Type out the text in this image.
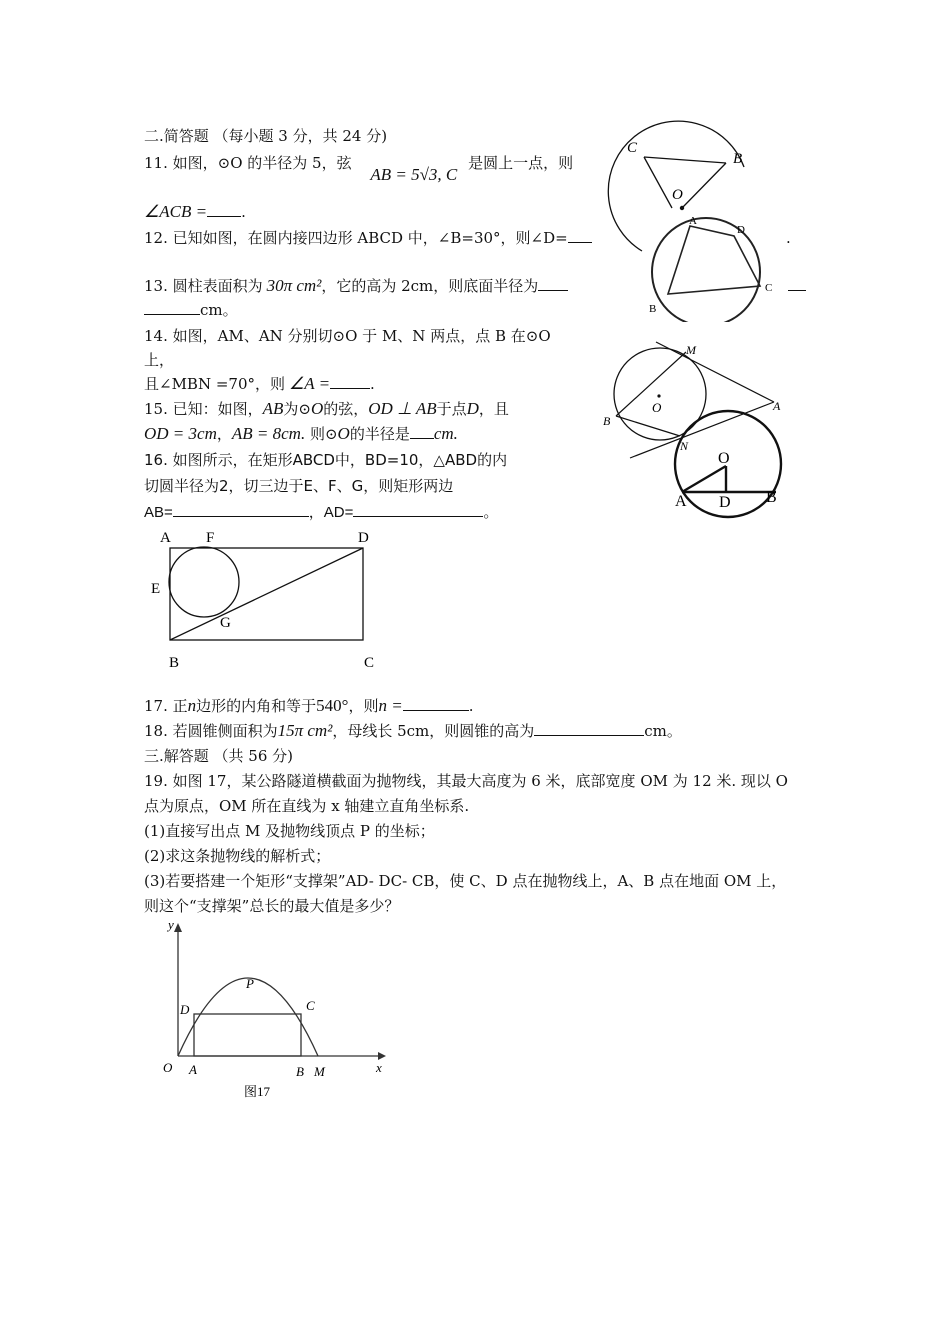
二.简答题 （每小题 3 分，共 24 分)
11. 如图，⊙O 的半径为 5，弦 AB = 5√3, C 是圆上一点，则
∠ACB = .
12. 已知如图，在圆内接四边形 ABCD 中，∠B=30°，则∠D=	.
13. 圆柱表面积为 30π cm²，它的高为 2cm，则底面半径为
cm。
14. 如图，AM、AN 分别切⊙O 于 M、N 两点，点 B 在⊙O
上，
且∠MBN =70°，则 ∠A =	.
15. 已知：如图，AB为⊙O的弦，OD ⊥ AB于点D，且
OD = 3cm，AB = 8cm. 则⊙O的半径是 cm.
16. 如图所示，在矩形ABCD中，BD=10，△ABD的内
切圆半径为2，切三边于E、F、G，则矩形两边
AB=	，AD=	。
17. 正n边形的内角和等于540°，则n =	.
18. 若圆锥侧面积为15π cm²，母线长 5cm，则圆锥的高为	cm。
三.解答题 （共 56 分)
19. 如图 17，某公路隧道横截面为抛物线，其最大高度为 6 米，底部宽度 OM 为 12 米. 现以 O
点为原点，OM 所在直线为 x 轴建立直角坐标系.
(1)直接写出点 M 及抛物线顶点 P 的坐标；
(2)求这条抛物线的解析式；
(3)若要搭建一个矩形“支撑架”AD- DC- CB，使 C、D 点在抛物线上，A、B 点在地面 OM 上，
则这个“支撑架”总长的最大值是多少？
C
B
O
A
D
B
C
M
O
B
A
N
O
A D B
A F	D
E
G
B	C
y
P
D	C
O A	B M	x
图17
